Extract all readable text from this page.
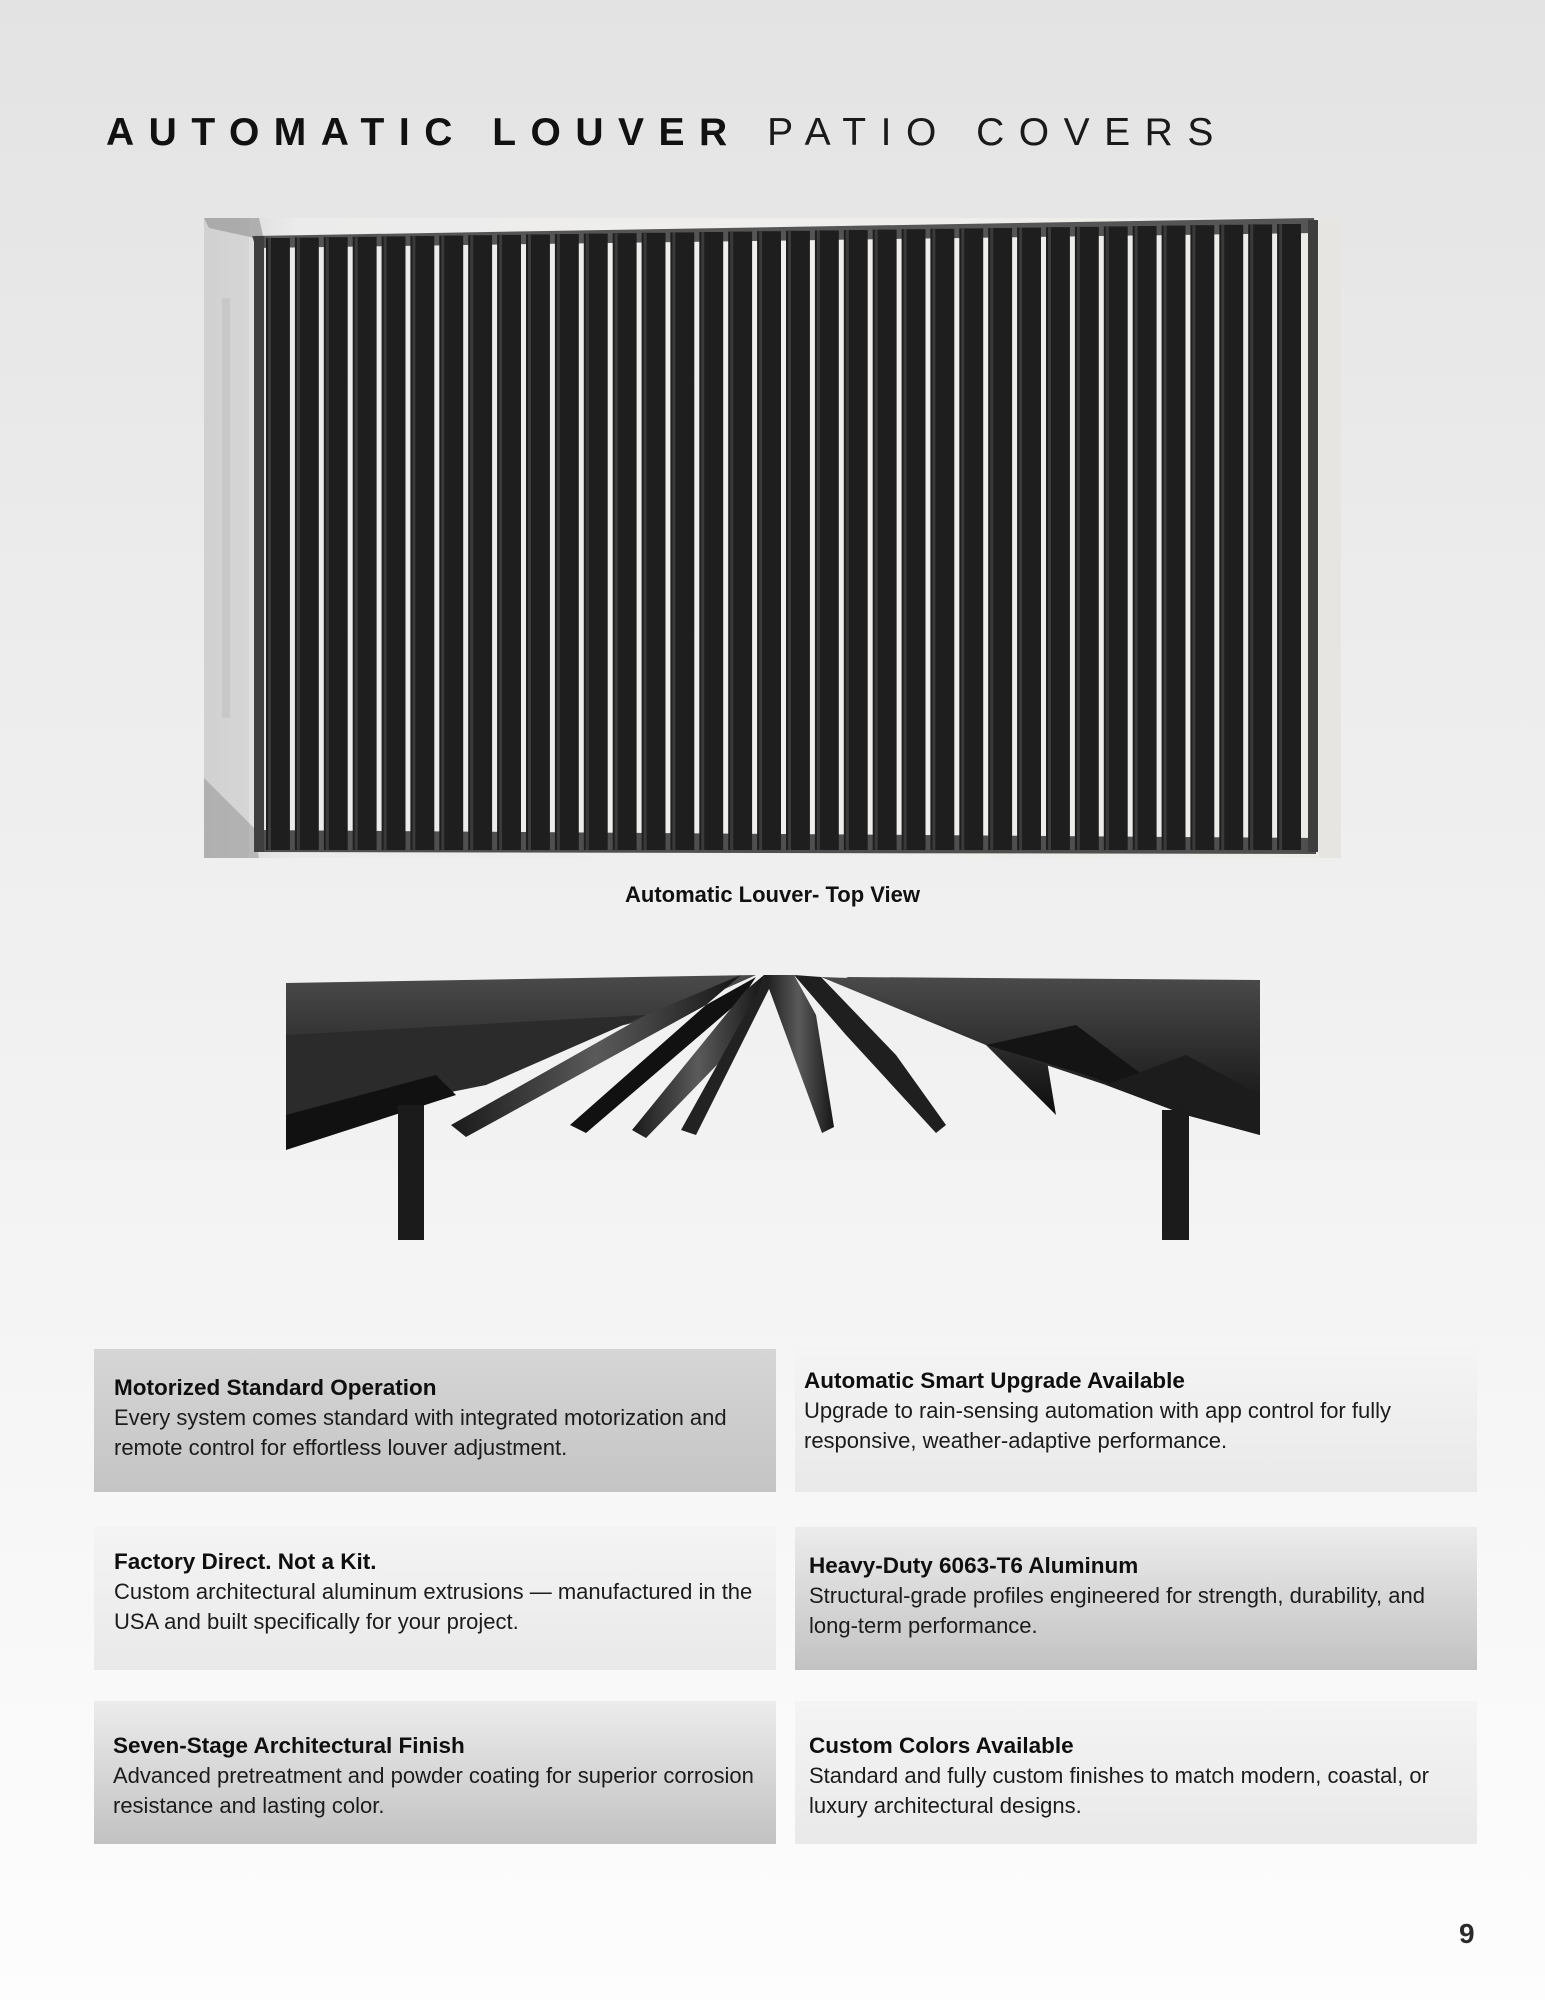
AUTOMATIC LOUVER PATIO COVERS
Automatic Louver- Top View
Motorized Standard Operation

Every system comes standard with integrated motorization and remote control for effortless louver adjustment.

Automatic Smart Upgrade Available

Upgrade to rain-sensing automation with app control for fully responsive, weather-adaptive performance.

Factory Direct. Not a Kit.

Custom architectural aluminum extrusions — manufactured in the USA and built specifically for your project.

Heavy-Duty 6063-T6 Aluminum

Structural-grade profiles engineered for strength, durability, and long-term performance.

Seven-Stage Architectural Finish

Advanced pretreatment and powder coating for superior corrosion resistance and lasting color.

Custom Colors Available

Standard and fully custom finishes to match modern, coastal, or luxury architectural designs.

9
